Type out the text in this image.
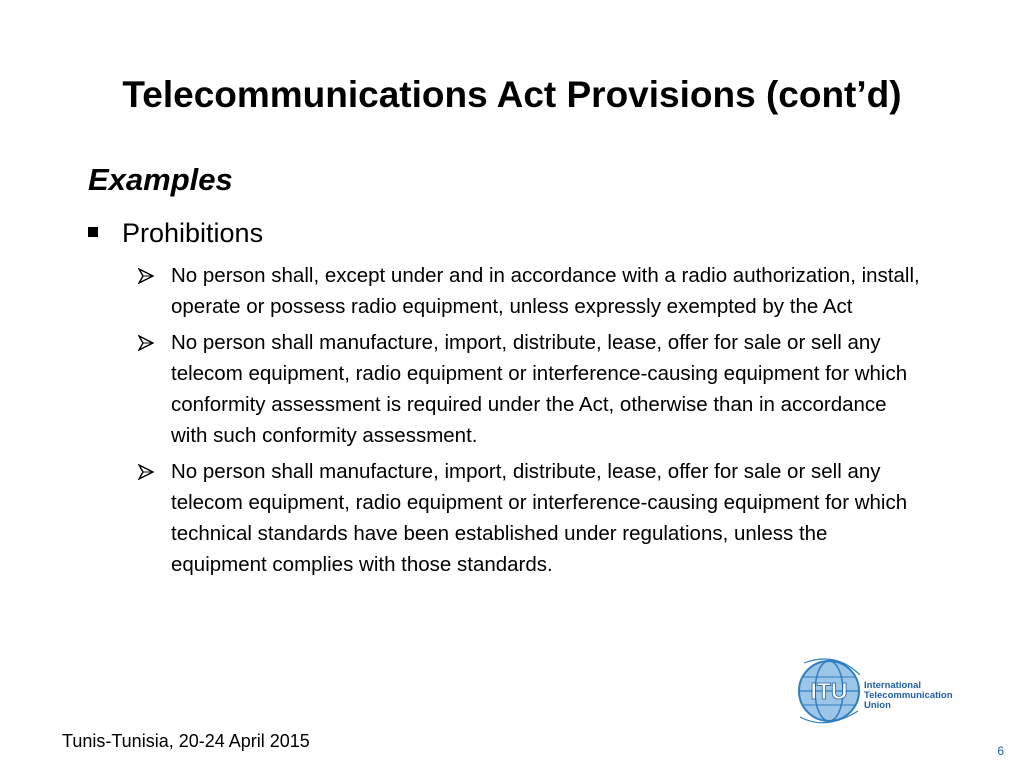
Telecommunications Act Provisions (cont’d)
Examples
Prohibitions
No person shall, except under and in accordance with a radio authorization, install, operate or possess radio equipment, unless expressly exempted by the Act
No person shall manufacture, import, distribute, lease, offer for sale or sell any telecom equipment, radio equipment or interference-causing equipment for which conformity assessment is required under the Act, otherwise than in accordance with such conformity assessment.
No person shall manufacture, import, distribute, lease, offer for sale or sell any telecom equipment, radio equipment or interference-causing equipment for which technical standards have been established under regulations, unless the equipment complies with those standards.
ITU International
Telecommunication
Union
Tunis-Tunisia, 20-24 April 2015	6
